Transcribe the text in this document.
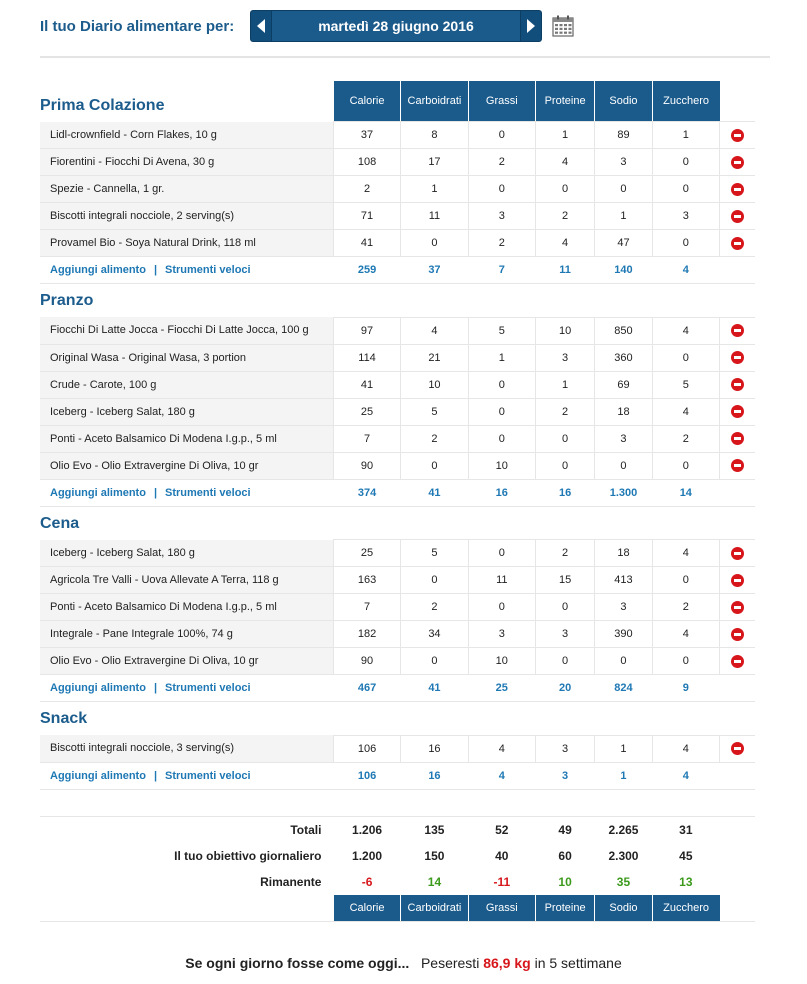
Il tuo Diario alimentare per:	martedì 28 giugno 2016
Prima Colazione	Calorie	Carboidrati	Grassi	Proteine	Sodio	Zucchero	
Lidl-crownfield - Corn Flakes, 10 g	37	8	0	1	89	1	
Fiorentini - Fiocchi Di Avena, 30 g	108	17	2	4	3	0	
Spezie - Cannella, 1 gr.	2	1	0	0	0	0	
Biscotti integrali nocciole, 2 serving(s)	71	11	3	2	1	3	
Provamel Bio - Soya Natural Drink, 118 ml	41	0	2	4	47	0	
Aggiungi alimento | Strumenti veloci	259	37	7	11	140	4	
Pranzo							
Fiocchi Di Latte Jocca - Fiocchi Di Latte Jocca, 100 g	97	4	5	10	850	4	
Original Wasa - Original Wasa, 3 portion	114	21	1	3	360	0	
Crude - Carote, 100 g	41	10	0	1	69	5	
Iceberg - Iceberg Salat, 180 g	25	5	0	2	18	4	
Ponti - Aceto Balsamico Di Modena I.g.p., 5 ml	7	2	0	0	3	2	
Olio Evo - Olio Extravergine Di Oliva, 10 gr	90	0	10	0	0	0	
Aggiungi alimento | Strumenti veloci	374	41	16	16	1.300	14	
Cena							
Iceberg - Iceberg Salat, 180 g	25	5	0	2	18	4	
Agricola Tre Valli - Uova Allevate A Terra, 118 g	163	0	11	15	413	0	
Ponti - Aceto Balsamico Di Modena I.g.p., 5 ml	7	2	0	0	3	2	
Integrale - Pane Integrale 100%, 74 g	182	34	3	3	390	4	
Olio Evo - Olio Extravergine Di Oliva, 10 gr	90	0	10	0	0	0	
Aggiungi alimento | Strumenti veloci	467	41	25	20	824	9	
Snack							
Biscotti integrali nocciole, 3 serving(s)	106	16	4	3	1	4	
Aggiungi alimento | Strumenti veloci	106	16	4	3	1	4	

Totali	1.206	135	52	49	2.265	31	
Il tuo obiettivo giornaliero	1.200	150	40	60	2.300	45	
Rimanente	-6	14	-11	10	35	13	
	Calorie	Carboidrati	Grassi	Proteine	Sodio	Zucchero	
Se ogni giorno fosse come oggi... Peseresti 86,9 kg in 5 settimane
